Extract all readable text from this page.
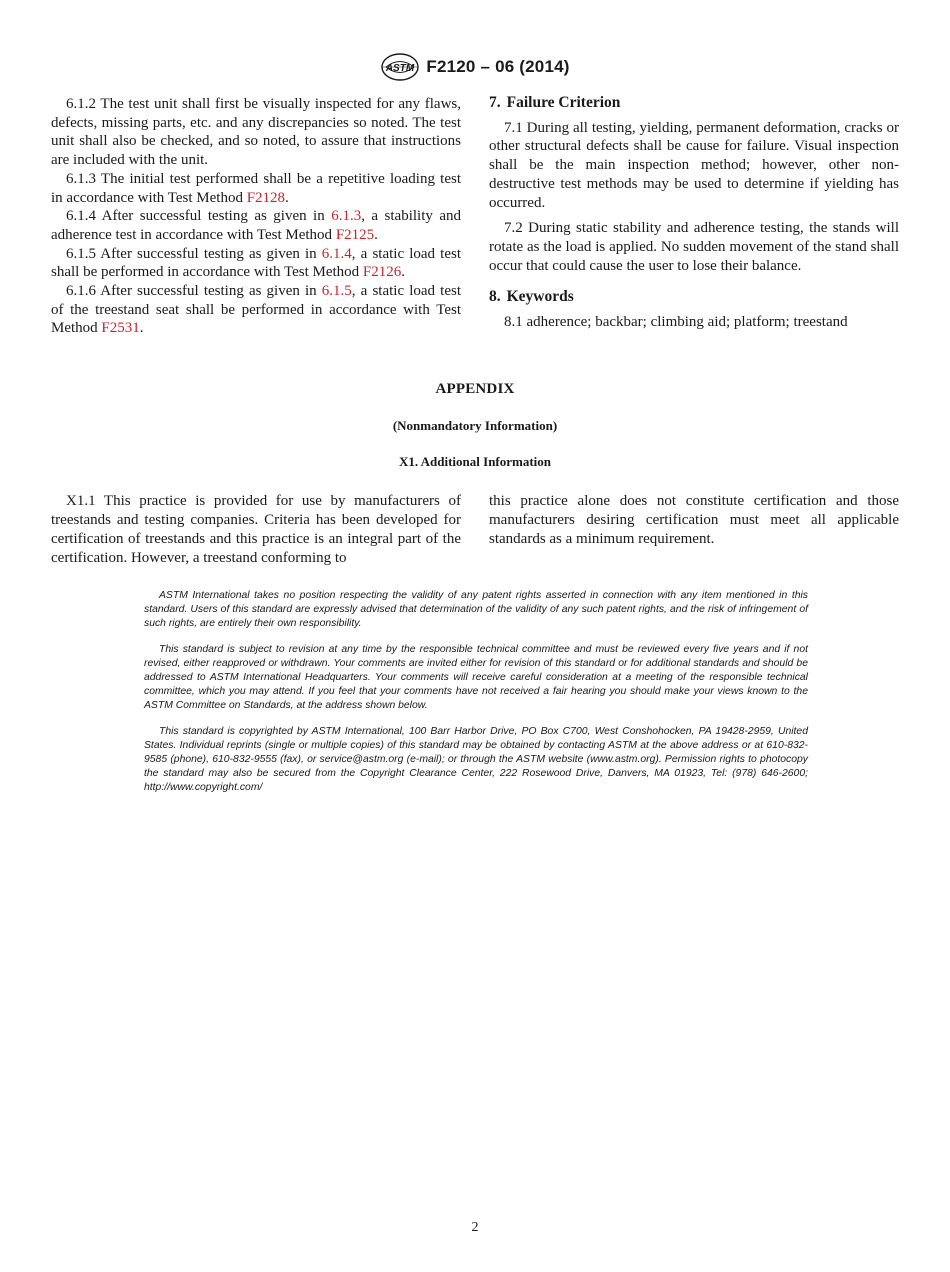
ASTM F2120 – 06 (2014)

6.1.2 The test unit shall first be visually inspected for any flaws, defects, missing parts, etc. and any discrepancies so noted. The test unit shall also be checked, and so noted, to assure that instructions are included with the unit.

6.1.3 The initial test performed shall be a repetitive loading test in accordance with Test Method F2128.

6.1.4 After successful testing as given in 6.1.3, a stability and adherence test in accordance with Test Method F2125.

6.1.5 After successful testing as given in 6.1.4, a static load test shall be performed in accordance with Test Method F2126.

6.1.6 After successful testing as given in 6.1.5, a static load test of the treestand seat shall be performed in accordance with Test Method F2531.

7. Failure Criterion

7.1 During all testing, yielding, permanent deformation, cracks or other structural defects shall be cause for failure. Visual inspection shall be the main inspection method; however, other non-destructive test methods may be used to determine if yielding has occurred.

7.2 During static stability and adherence testing, the stands will rotate as the load is applied. No sudden movement of the stand shall occur that could cause the user to lose their balance.

8. Keywords

8.1 adherence; backbar; climbing aid; platform; treestand

APPENDIX
(Nonmandatory Information)
X1. Additional Information

X1.1 This practice is provided for use by manufacturers of treestands and testing companies. Criteria has been developed for certification of treestands and this practice is an integral part of the certification. However, a treestand conforming to

this practice alone does not constitute certification and those manufacturers desiring certification must meet all applicable standards as a minimum requirement.

ASTM International takes no position respecting the validity of any patent rights asserted in connection with any item mentioned in this standard. Users of this standard are expressly advised that determination of the validity of any such patent rights, and the risk of infringement of such rights, are entirely their own responsibility.

This standard is subject to revision at any time by the responsible technical committee and must be reviewed every five years and if not revised, either reapproved or withdrawn. Your comments are invited either for revision of this standard or for additional standards and should be addressed to ASTM International Headquarters. Your comments will receive careful consideration at a meeting of the responsible technical committee, which you may attend. If you feel that your comments have not received a fair hearing you should make your views known to the ASTM Committee on Standards, at the address shown below.

This standard is copyrighted by ASTM International, 100 Barr Harbor Drive, PO Box C700, West Conshohocken, PA 19428-2959, United States. Individual reprints (single or multiple copies) of this standard may be obtained by contacting ASTM at the above address or at 610-832-9585 (phone), 610-832-9555 (fax), or service@astm.org (e-mail); or through the ASTM website (www.astm.org). Permission rights to photocopy the standard may also be secured from the Copyright Clearance Center, 222 Rosewood Drive, Danvers, MA 01923, Tel: (978) 646-2600; http://www.copyright.com/

2
